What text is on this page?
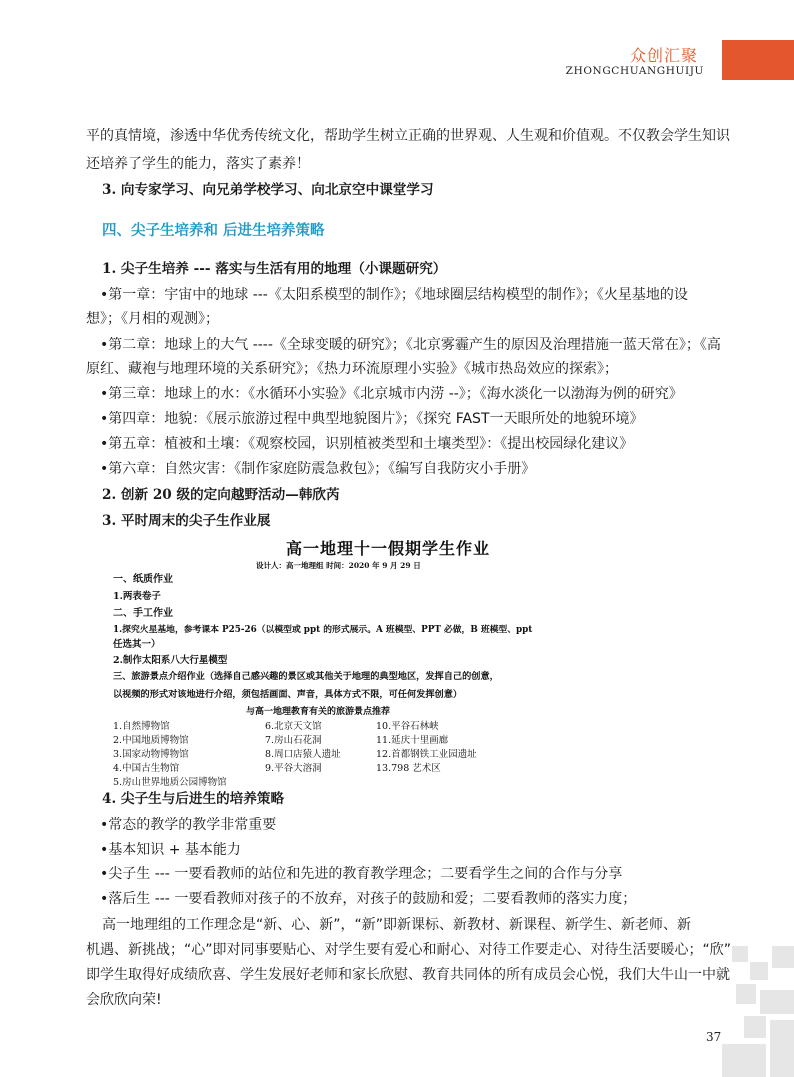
众创汇聚
ZHONGCHUANGHUIJU
平的真情境，渗透中华优秀传统文化，帮助学生树立正确的世界观、人生观和价值观。不仅教会学生知识
还培养了学生的能力，落实了素养！
3. 向专家学习、向兄弟学校学习、向北京空中课堂学习
四、尖子生培养和 后进生培养策略
1. 尖子生培养 --- 落实与生活有用的地理（小课题研究）
•第一章：宇宙中的地球 ---《太阳系模型的制作》；《地球圈层结构模型的制作》；《火星基地的设
想》；《月相的观测》；
•第二章：地球上的大气 ----《全球变暖的研究》；《北京雾霾产生的原因及治理措施一蓝天常在》；《高
原红、藏袍与地理环境的关系研究》；《热力环流原理小实验》《城市热岛效应的探索》；
•第三章：地球上的水：《水循环小实验》《北京城市内涝 --》；《海水淡化一以渤海为例的研究》
•第四章：地貌：《展示旅游过程中典型地貌图片》；《探究 FAST一天眼所处的地貌环境》
•第五章：植被和土壤：《观察校园，识别植被类型和土壤类型》：《提出校园绿化建议》
•第六章：自然灾害：《制作家庭防震急救包》；《编写自我防灾小手册》
2. 创新 20 级的定向越野活动—韩欣芮
3. 平时周末的尖子生作业展
高一地理十一假期学生作业
设计人：高一地理组 时间：2020 年 9 月 29 日
一、纸质作业
1.两表卷子
二、手工作业
1.探究火星基地，参考课本 P25-26（以模型或 ppt 的形式展示。A 班模型、PPT 必做，B 班模型、ppt
任选其一）
2.制作太阳系八大行星模型
三、旅游景点介绍作业（选择自己感兴趣的景区或其他关于地理的典型地区，发挥自己的创意，
以视频的形式对该地进行介绍，须包括画面、声音，具体方式不限，可任何发挥创意）
与高一地理教育有关的旅游景点推荐
1.自然博物馆	6.北京天文馆	10.平谷石林峡
2.中国地质博物馆	7.房山石花洞	11.延庆十里画廊
3.国家动物博物馆	8.周口店猿人遗址	12.首都钢铁工业园遗址
4.中国古生物馆	9.平谷大溶洞	13.798 艺术区
5.房山世界地质公园博物馆
4. 尖子生与后进生的培养策略
•常态的教学的教学非常重要
•基本知识 + 基本能力
•尖子生 --- 一要看教师的站位和先进的教育教学理念；二要看学生之间的合作与分享
•落后生 --- 一要看教师对孩子的不放弃，对孩子的鼓励和爱；二要看教师的落实力度；
高一地理组的工作理念是“新、心、新”，“新”即新课标、新教材、新课程、新学生、新老师、新
机遇、新挑战；“心”即对同事要贴心、对学生要有爱心和耐心、对待工作要走心、对待生活要暖心；“欣”
即学生取得好成绩欣喜、学生发展好老师和家长欣慰、教育共同体的所有成员会心悦，我们大牛山一中就
会欣欣向荣!
37
